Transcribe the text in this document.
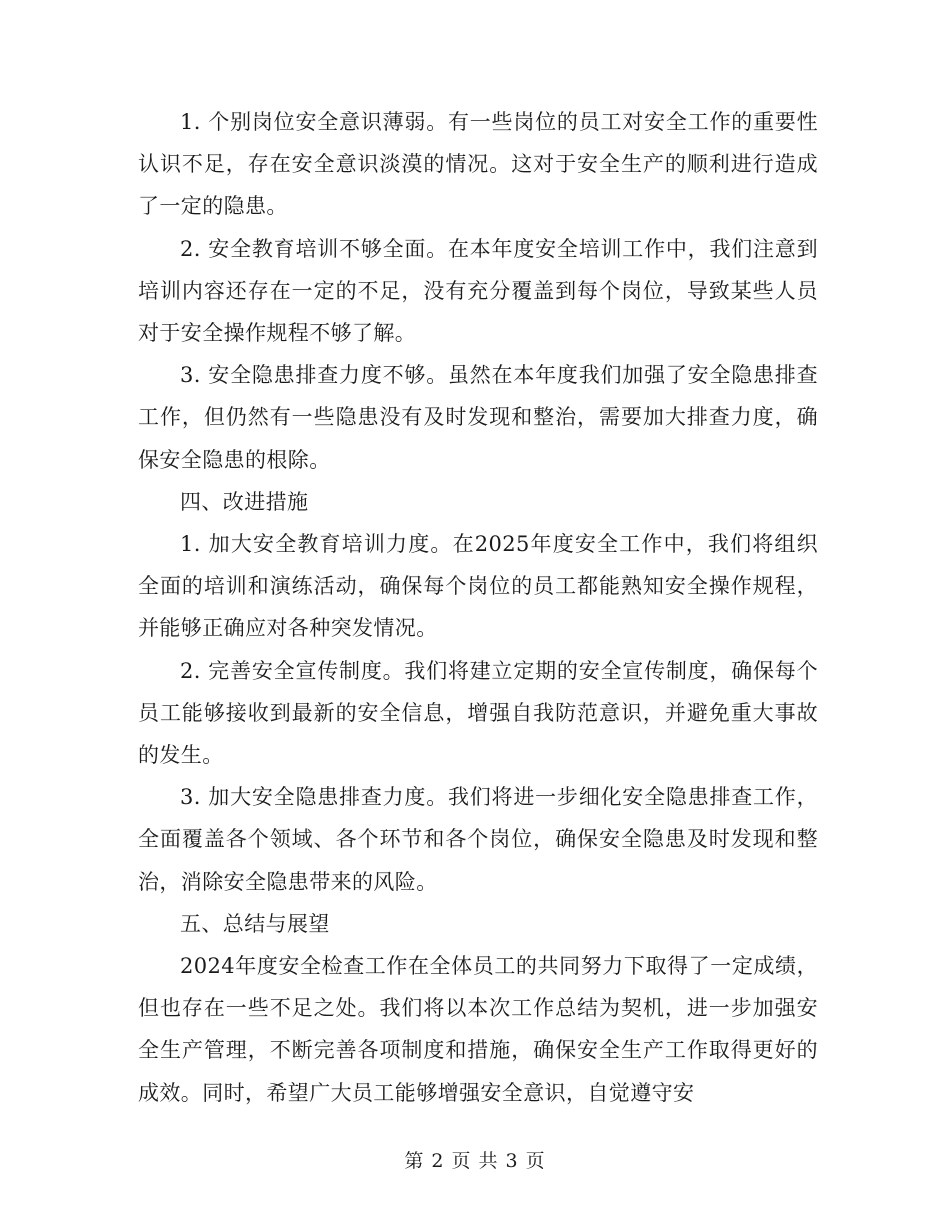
1. 个别岗位安全意识薄弱。有一些岗位的员工对安全工作的重要性认识不足，存在安全意识淡漠的情况。这对于安全生产的顺利进行造成了一定的隐患。

2. 安全教育培训不够全面。在本年度安全培训工作中，我们注意到培训内容还存在一定的不足，没有充分覆盖到每个岗位，导致某些人员对于安全操作规程不够了解。

3. 安全隐患排查力度不够。虽然在本年度我们加强了安全隐患排查工作，但仍然有一些隐患没有及时发现和整治，需要加大排查力度，确保安全隐患的根除。

四、改进措施

1. 加大安全教育培训力度。在2025年度安全工作中，我们将组织全面的培训和演练活动，确保每个岗位的员工都能熟知安全操作规程，并能够正确应对各种突发情况。

2. 完善安全宣传制度。我们将建立定期的安全宣传制度，确保每个员工能够接收到最新的安全信息，增强自我防范意识，并避免重大事故的发生。

3. 加大安全隐患排查力度。我们将进一步细化安全隐患排查工作，全面覆盖各个领域、各个环节和各个岗位，确保安全隐患及时发现和整治，消除安全隐患带来的风险。

五、总结与展望

2024年度安全检查工作在全体员工的共同努力下取得了一定成绩，但也存在一些不足之处。我们将以本次工作总结为契机，进一步加强安全生产管理，不断完善各项制度和措施，确保安全生产工作取得更好的成效。同时，希望广大员工能够增强安全意识，自觉遵守安

第 2 页 共 3 页
